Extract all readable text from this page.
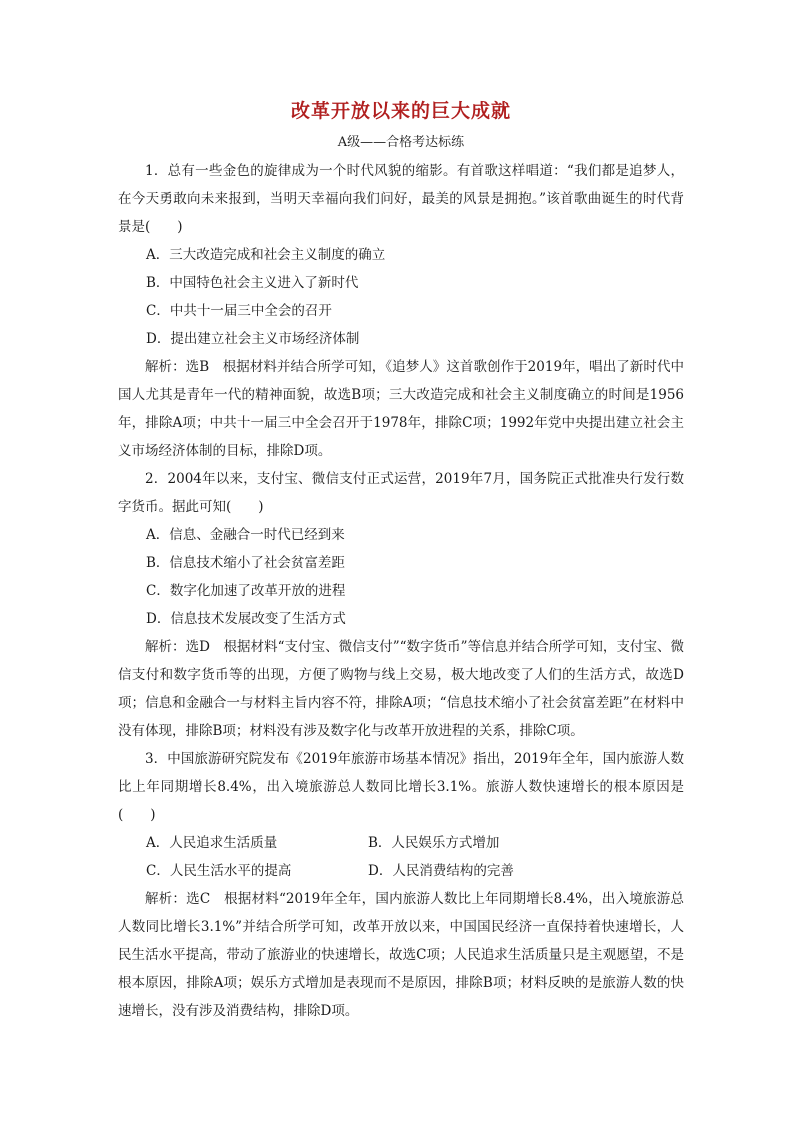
改革开放以来的巨大成就

A级——合格考达标练

1．总有一些金色的旋律成为一个时代风貌的缩影。有首歌这样唱道：“我们都是追梦人，在今天勇敢向未来报到，当明天幸福向我们问好，最美的风景是拥抱。”该首歌曲诞生的时代背景是(　　)

A．三大改造完成和社会主义制度的确立

B．中国特色社会主义进入了新时代

C．中共十一届三中全会的召开

D．提出建立社会主义市场经济体制

解析：选B　根据材料并结合所学可知，《追梦人》这首歌创作于2019年，唱出了新时代中国人尤其是青年一代的精神面貌，故选B项；三大改造完成和社会主义制度确立的时间是1956年，排除A项；中共十一届三中全会召开于1978年，排除C项；1992年党中央提出建立社会主义市场经济体制的目标，排除D项。

2．2004年以来，支付宝、微信支付正式运营，2019年7月，国务院正式批准央行发行数字货币。据此可知(　　)

A．信息、金融合一时代已经到来

B．信息技术缩小了社会贫富差距

C．数字化加速了改革开放的进程

D．信息技术发展改变了生活方式

解析：选D　根据材料“支付宝、微信支付”“数字货币”等信息并结合所学可知，支付宝、微信支付和数字货币等的出现，方便了购物与线上交易，极大地改变了人们的生活方式，故选D项；信息和金融合一与材料主旨内容不符，排除A项；“信息技术缩小了社会贫富差距”在材料中没有体现，排除B项；材料没有涉及数字化与改革开放进程的关系，排除C项。

3．中国旅游研究院发布《2019年旅游市场基本情况》指出，2019年全年，国内旅游人数比上年同期增长8.4%，出入境旅游总人数同比增长3.1%。旅游人数快速增长的根本原因是(　　)

A．人民追求生活质量	B．人民娱乐方式增加
C．人民生活水平的提高	D．人民消费结构的完善

解析：选C　根据材料“2019年全年，国内旅游人数比上年同期增长8.4%，出入境旅游总人数同比增长3.1%”并结合所学可知，改革开放以来，中国国民经济一直保持着快速增长，人民生活水平提高，带动了旅游业的快速增长，故选C项；人民追求生活质量只是主观愿望，不是根本原因，排除A项；娱乐方式增加是表现而不是原因，排除B项；材料反映的是旅游人数的快速增长，没有涉及消费结构，排除D项。
